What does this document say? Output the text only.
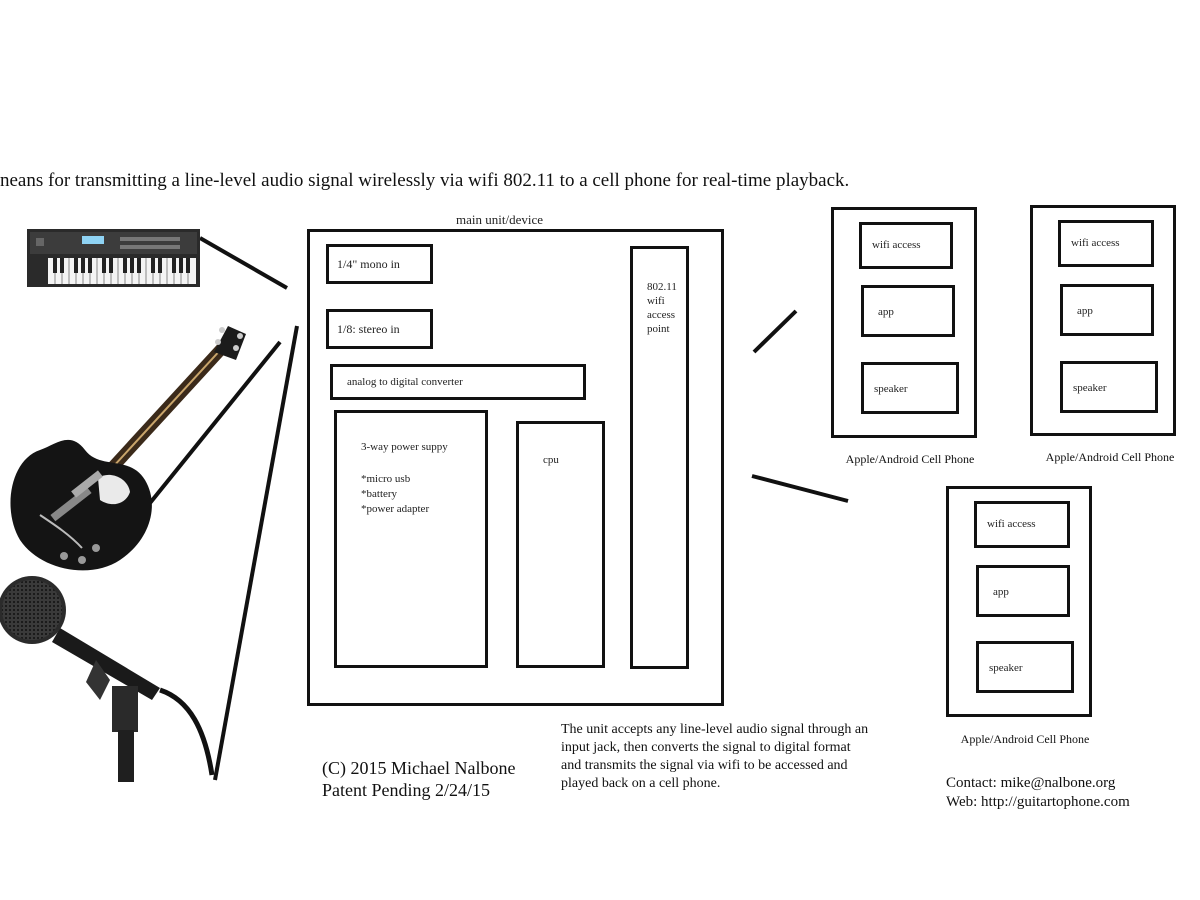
neans for transmitting a line-level audio signal wirelessly via wifi 802.11 to a cell phone for real-time playback.
main unit/device
1/4" mono in
1/8: stereo in
analog to digital converter
3-way power suppy
*micro usb
*battery
*power adapter
cpu
802.11
wifi
access
point
wifi access
app
speaker
Apple/Android Cell Phone
wifi access
app
speaker
Apple/Android Cell Phone
wifi access
app
speaker
Apple/Android Cell Phone
The unit accepts any line-level audio signal through an
input jack, then converts the signal to digital format
and transmits the signal via wifi to be accessed and
played back on a cell phone.
(C) 2015 Michael Nalbone
Patent Pending 2/24/15	Contact: mike@nalbone.org
Web: http://guitartophone.com
